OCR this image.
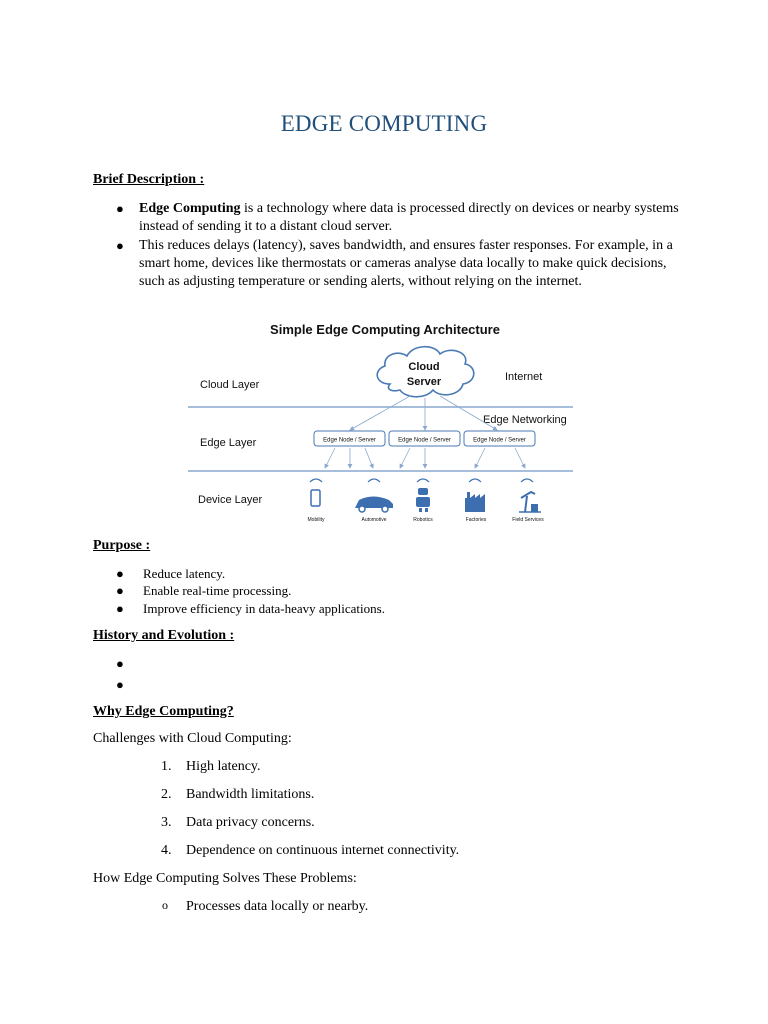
EDGE COMPUTING
Brief Description :
● Edge Computing is a technology where data is processed directly on devices or nearby systems instead of sending it to a distant cloud server.
● This reduces delays (latency), saves bandwidth, and ensures faster responses. For example, in a smart home, devices like thermostats or cameras analyse data locally to make quick decisions, such as adjusting temperature or sending alerts, without relying on the internet.
Simple Edge Computing Architecture
Cloud Layer
Edge Layer
Device Layer
Cloud
Server	Internet
Edge Networking
Edge Node / Server	Edge Node / Server	Edge Node / Server
Mobility	Automotive	Robotics	Factories	Field Services
Purpose :
● Reduce latency.
● Enable real-time processing.
● Improve efficiency in data-heavy applications.
History and Evolution :
●
●
Why Edge Computing?
Challenges with Cloud Computing:
1. High latency.
2. Bandwidth limitations.
3. Data privacy concerns.
4. Dependence on continuous internet connectivity.
How Edge Computing Solves These Problems:
o Processes data locally or nearby.
